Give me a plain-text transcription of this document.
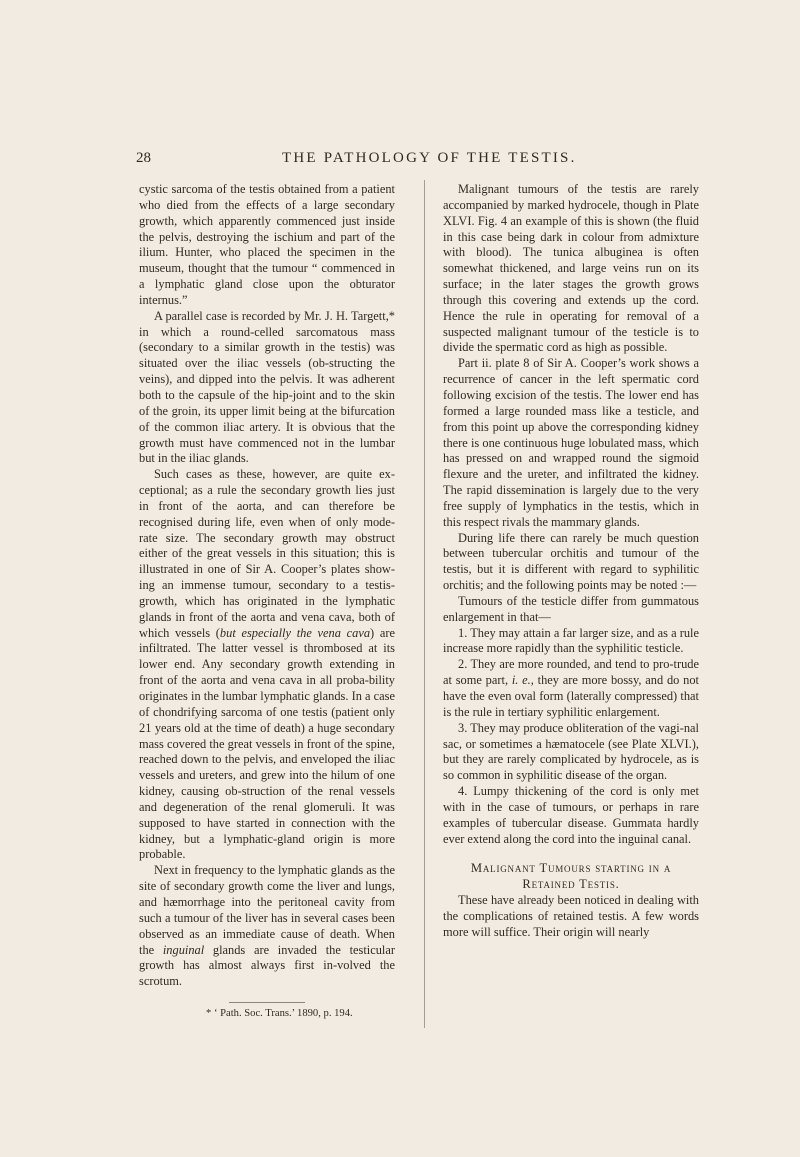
28	THE PATHOLOGY OF THE TESTIS.

cystic sarcoma of the testis obtained from a patient who died from the effects of a large secondary growth, which apparently commenced just inside the pelvis, destroying the ischium and part of the ilium. Hunter, who placed the specimen in the museum, thought that the tumour “ commenced in a lymphatic gland close upon the obturator internus.”

A parallel case is recorded by Mr. J. H. Targett,* in which a round-celled sarcomatous mass (secondary to a similar growth in the testis) was situated over the iliac vessels (ob-structing the veins), and dipped into the pelvis. It was adherent both to the capsule of the hip-joint and to the skin of the groin, its upper limit being at the bifurcation of the common iliac artery. It is obvious that the growth must have commenced not in the lumbar but in the iliac glands.

Such cases as these, however, are quite ex-ceptional; as a rule the secondary growth lies just in front of the aorta, and can therefore be recognised during life, even when of only mode-rate size. The secondary growth may obstruct either of the great vessels in this situation; this is illustrated in one of Sir A. Cooper’s plates show-ing an immense tumour, secondary to a testis-growth, which has originated in the lymphatic glands in front of the aorta and vena cava, both of which vessels (but especially the vena cava) are infiltrated. The latter vessel is thrombosed at its lower end. Any secondary growth extending in front of the aorta and vena cava in all proba-bility originates in the lumbar lymphatic glands. In a case of chondrifying sarcoma of one testis (patient only 21 years old at the time of death) a huge secondary mass covered the great vessels in front of the spine, reached down to the pelvis, and enveloped the iliac vessels and ureters, and grew into the hilum of one kidney, causing ob-struction of the renal vessels and degeneration of the renal glomeruli. It was supposed to have started in connection with the kidney, but a lymphatic-gland origin is more probable.

Next in frequency to the lymphatic glands as the site of secondary growth come the liver and lungs, and hæmorrhage into the peritoneal cavity from such a tumour of the liver has in several cases been observed as an immediate cause of death. When the inguinal glands are invaded the testicular growth has almost always first in-volved the scrotum.

* ‘ Path. Soc. Trans.’ 1890, p. 194.

Malignant tumours of the testis are rarely accompanied by marked hydrocele, though in Plate XLVI. Fig. 4 an example of this is shown (the fluid in this case being dark in colour from admixture with blood). The tunica albuginea is often somewhat thickened, and large veins run on its surface; in the later stages the growth grows through this covering and extends up the cord. Hence the rule in operating for removal of a suspected malignant tumour of the testicle is to divide the spermatic cord as high as possible.

Part ii. plate 8 of Sir A. Cooper’s work shows a recurrence of cancer in the left spermatic cord following excision of the testis. The lower end has formed a large rounded mass like a testicle, and from this point up above the corresponding kidney there is one continuous huge lobulated mass, which has pressed on and wrapped round the sigmoid flexure and the ureter, and infiltrated the kidney. The rapid dissemination is largely due to the very free supply of lymphatics in the testis, which in this respect rivals the mammary glands.

During life there can rarely be much question between tubercular orchitis and tumour of the testis, but it is different with regard to syphilitic orchitis; and the following points may be noted :—

Tumours of the testicle differ from gummatous enlargement in that—

1. They may attain a far larger size, and as a rule increase more rapidly than the syphilitic testicle.

2. They are more rounded, and tend to pro-trude at some part, i. e., they are more bossy, and do not have the even oval form (laterally compressed) that is the rule in tertiary syphilitic enlargement.

3. They may produce obliteration of the vagi-nal sac, or sometimes a hæmatocele (see Plate XLVI.), but they are rarely complicated by hydrocele, as is so common in syphilitic disease of the organ.

4. Lumpy thickening of the cord is only met with in the case of tumours, or perhaps in rare examples of tubercular disease. Gummata hardly ever extend along the cord into the inguinal canal.

Malignant Tumours starting in a Retained Testis.

These have already been noticed in dealing with the complications of retained testis. A few words more will suffice. Their origin will nearly
